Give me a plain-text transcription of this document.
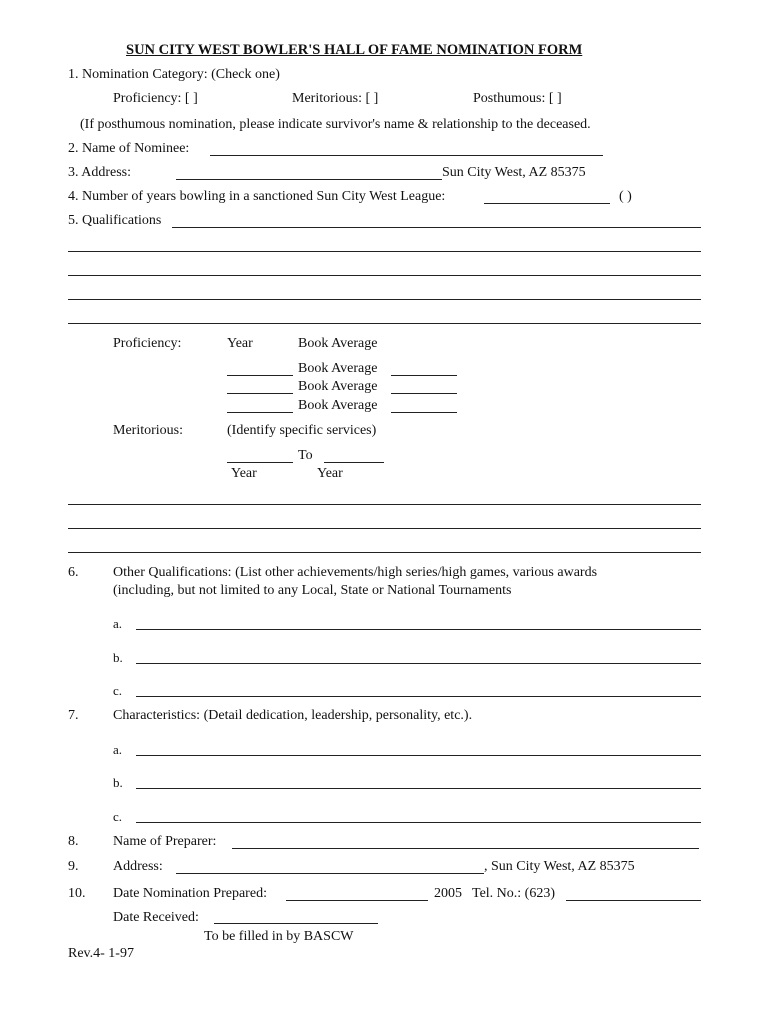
SUN CITY WEST BOWLER'S HALL OF FAME NOMINATION FORM
1. Nomination Category: (Check one)
Proficiency: [ ]	Meritorious: [ ]	Posthumous: [ ]
(If posthumous nomination, please indicate survivor's name & relationship to the deceased.
2. Name of Nominee:
3. Address:	Sun City West, AZ 85375
4. Number of years bowling in a sanctioned Sun City West League:	( )
5. Qualifications
Proficiency:	Year	Book Average
Book Average
Book Average
Book Average
Meritorious:	(Identify specific services)
To
Year	Year
6. Other Qualifications: (List other achievements/high series/high games, various awards
(including, but not limited to any Local, State or National Tournaments
a.
b.
c.
7. Characteristics: (Detail dedication, leadership, personality, etc.).
a.
b.
c.
8. Name of Preparer:
9. Address:	, Sun City West, AZ 85375
10. Date Nomination Prepared:	2005 Tel. No.: (623)
Date Received:
To be filled in by BASCW
Rev.4- 1-97
